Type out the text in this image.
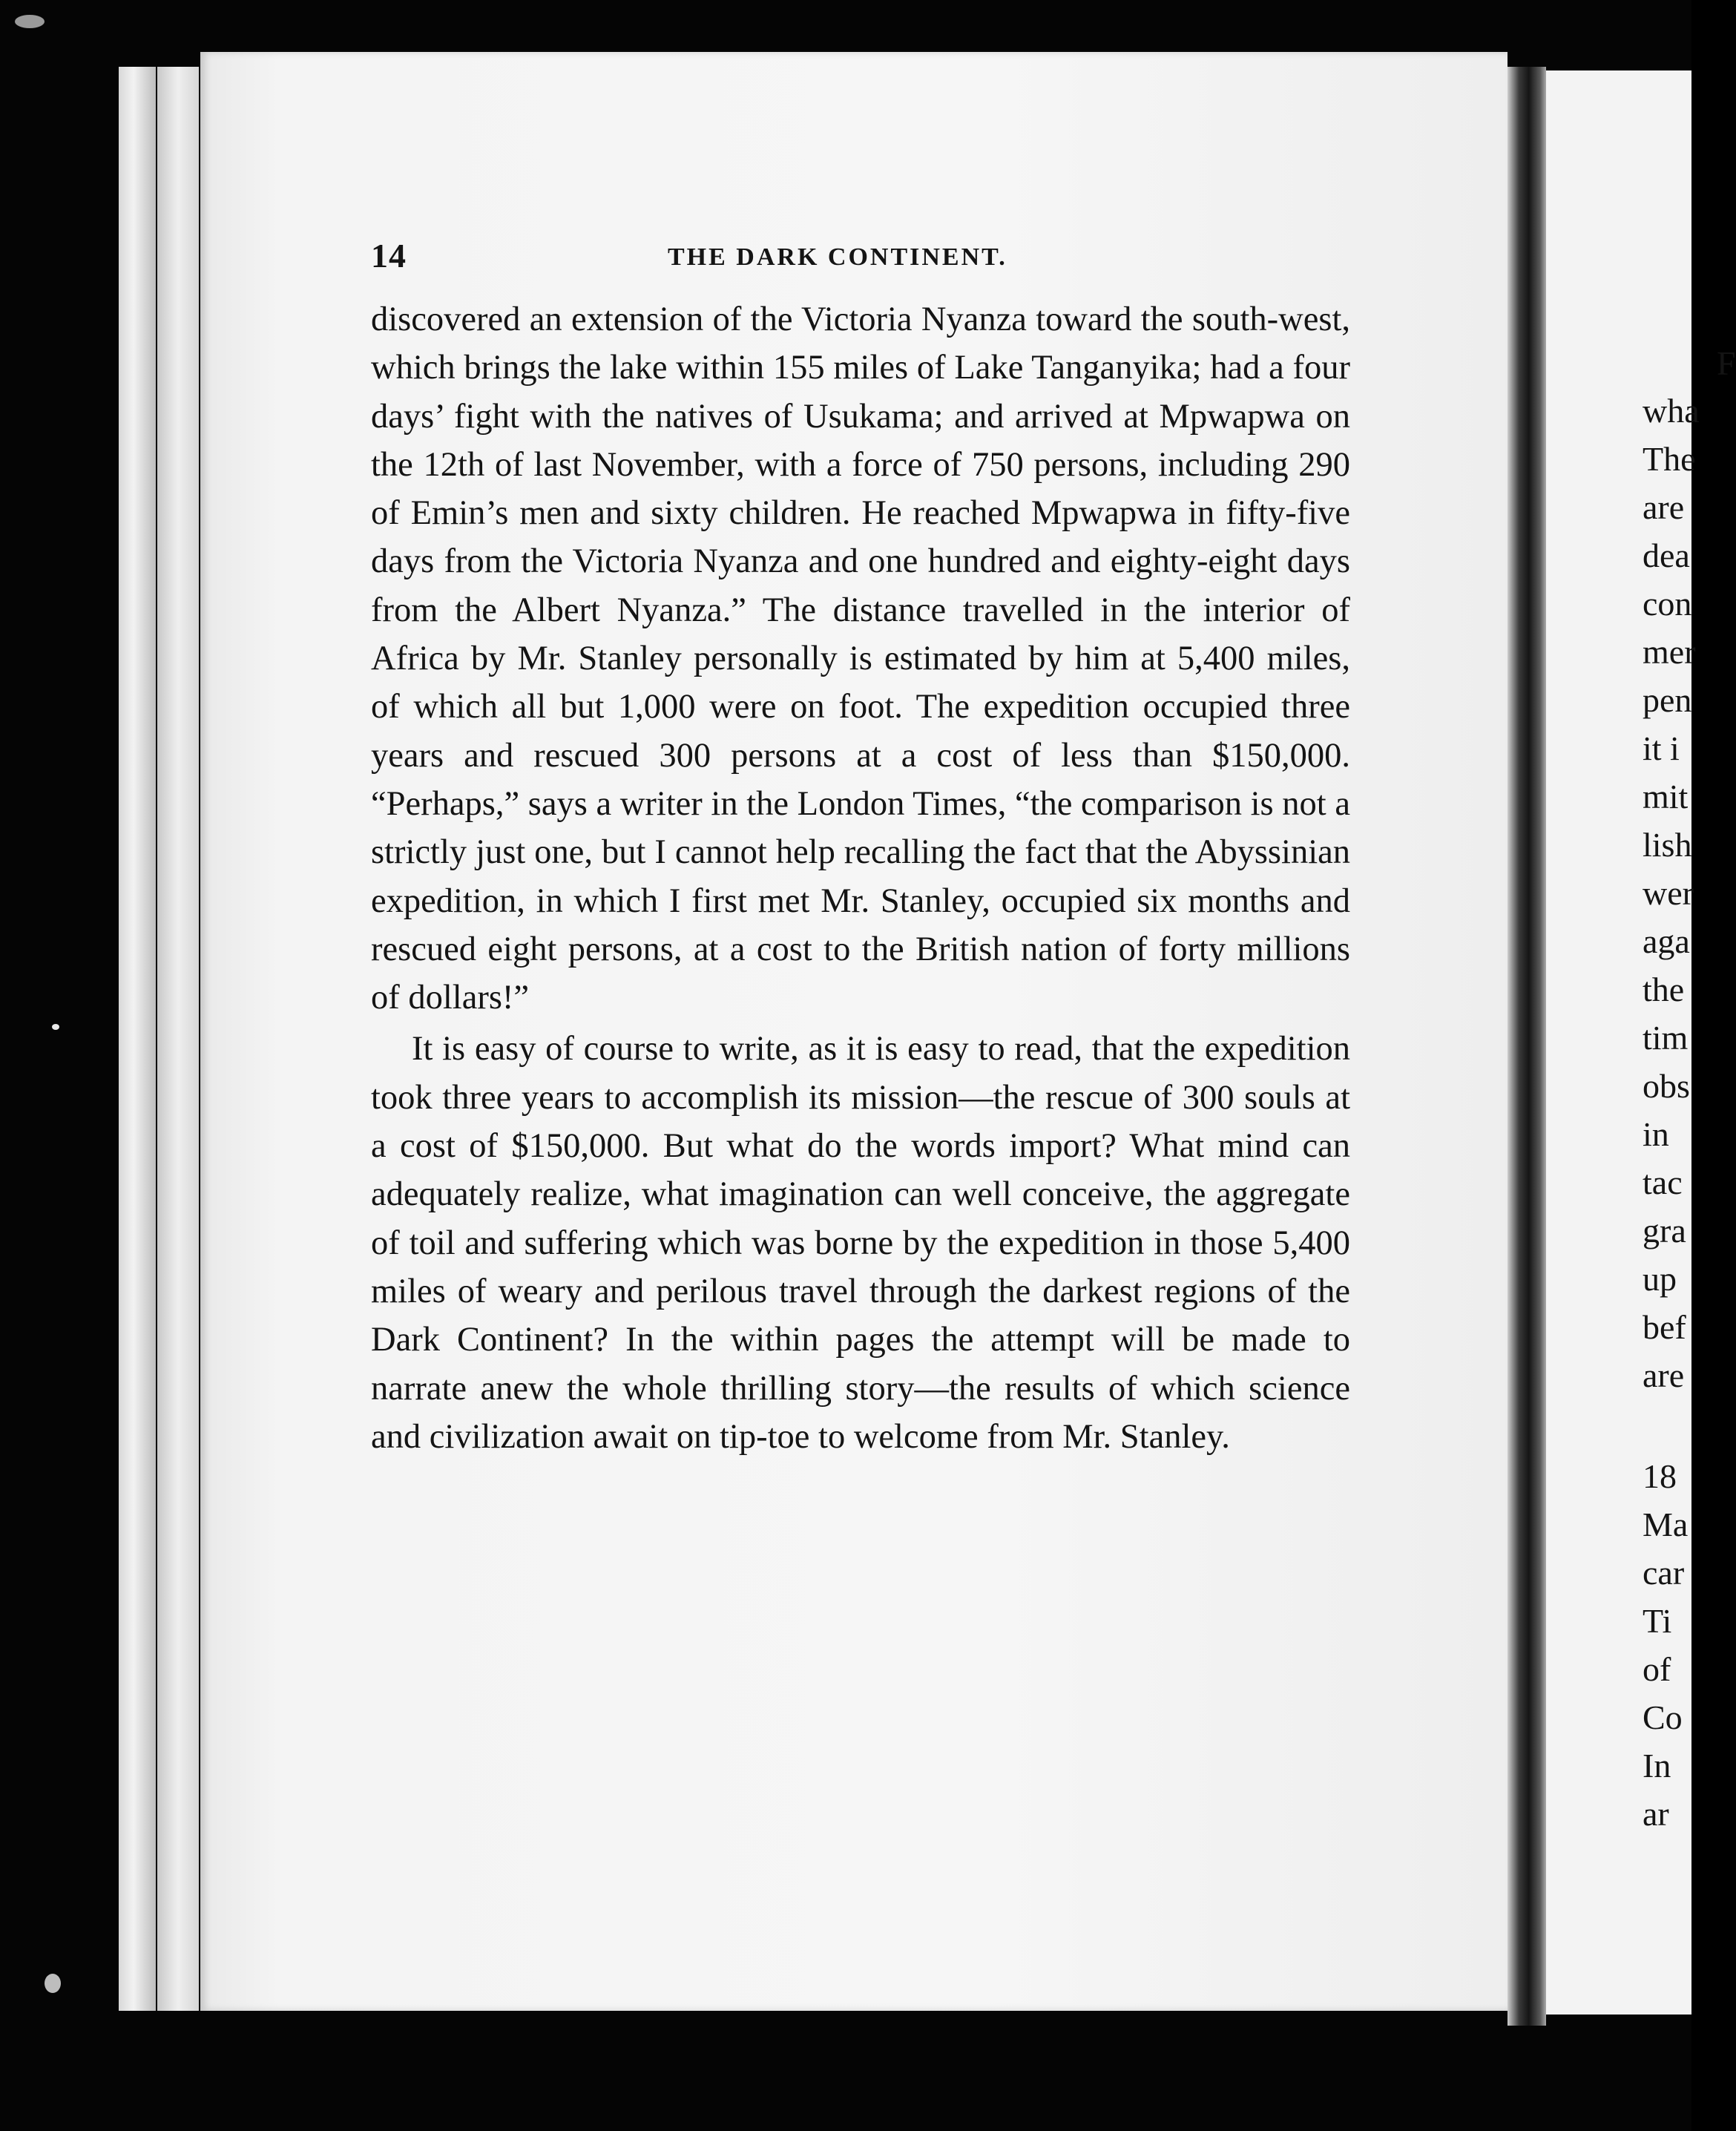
14	THE DARK CONTINENT.

discovered an extension of the Victoria Nyanza toward the south-west, which brings the lake within 155 miles of Lake Tanganyika; had a four days’ fight with the natives of Usukama; and arrived at Mpwapwa on the 12th of last November, with a force of 750 persons, including 290 of Emin’s men and sixty children. He reached Mpwapwa in fifty-five days from the Victoria Nyanza and one hundred and eighty-eight days from the Albert Nyanza.” The distance travelled in the interior of Africa by Mr. Stanley personally is estimated by him at 5,400 miles, of which all but 1,000 were on foot. The expedition occupied three years and rescued 300 persons at a cost of less than $150,000. “Perhaps,” says a writer in the London Times, “the comparison is not a strictly just one, but I cannot help recalling the fact that the Abyssinian expedition, in which I first met Mr. Stanley, occupied six months and rescued eight persons, at a cost to the British nation of forty millions of dollars!”

It is easy of course to write, as it is easy to read, that the expedition took three years to accomplish its mission—the rescue of 300 souls at a cost of $150,000. But what do the words import? What mind can adequately realize, what imagination can well conceive, the aggregate of toil and suffering which was borne by the expedition in those 5,400 miles of weary and perilous travel through the darkest regions of the Dark Continent? In the within pages the attempt will be made to narrate anew the whole thrilling story—the results of which science and civilization await on tip-toe to welcome from Mr. Stanley.

F
wha
The
are
dea
con
mer
pen
it i
mit
lish
wer
aga
the
tim
obs
in
tac
gra
up
bef
are
18
Ma
car
Ti
of
Co
In
ar
